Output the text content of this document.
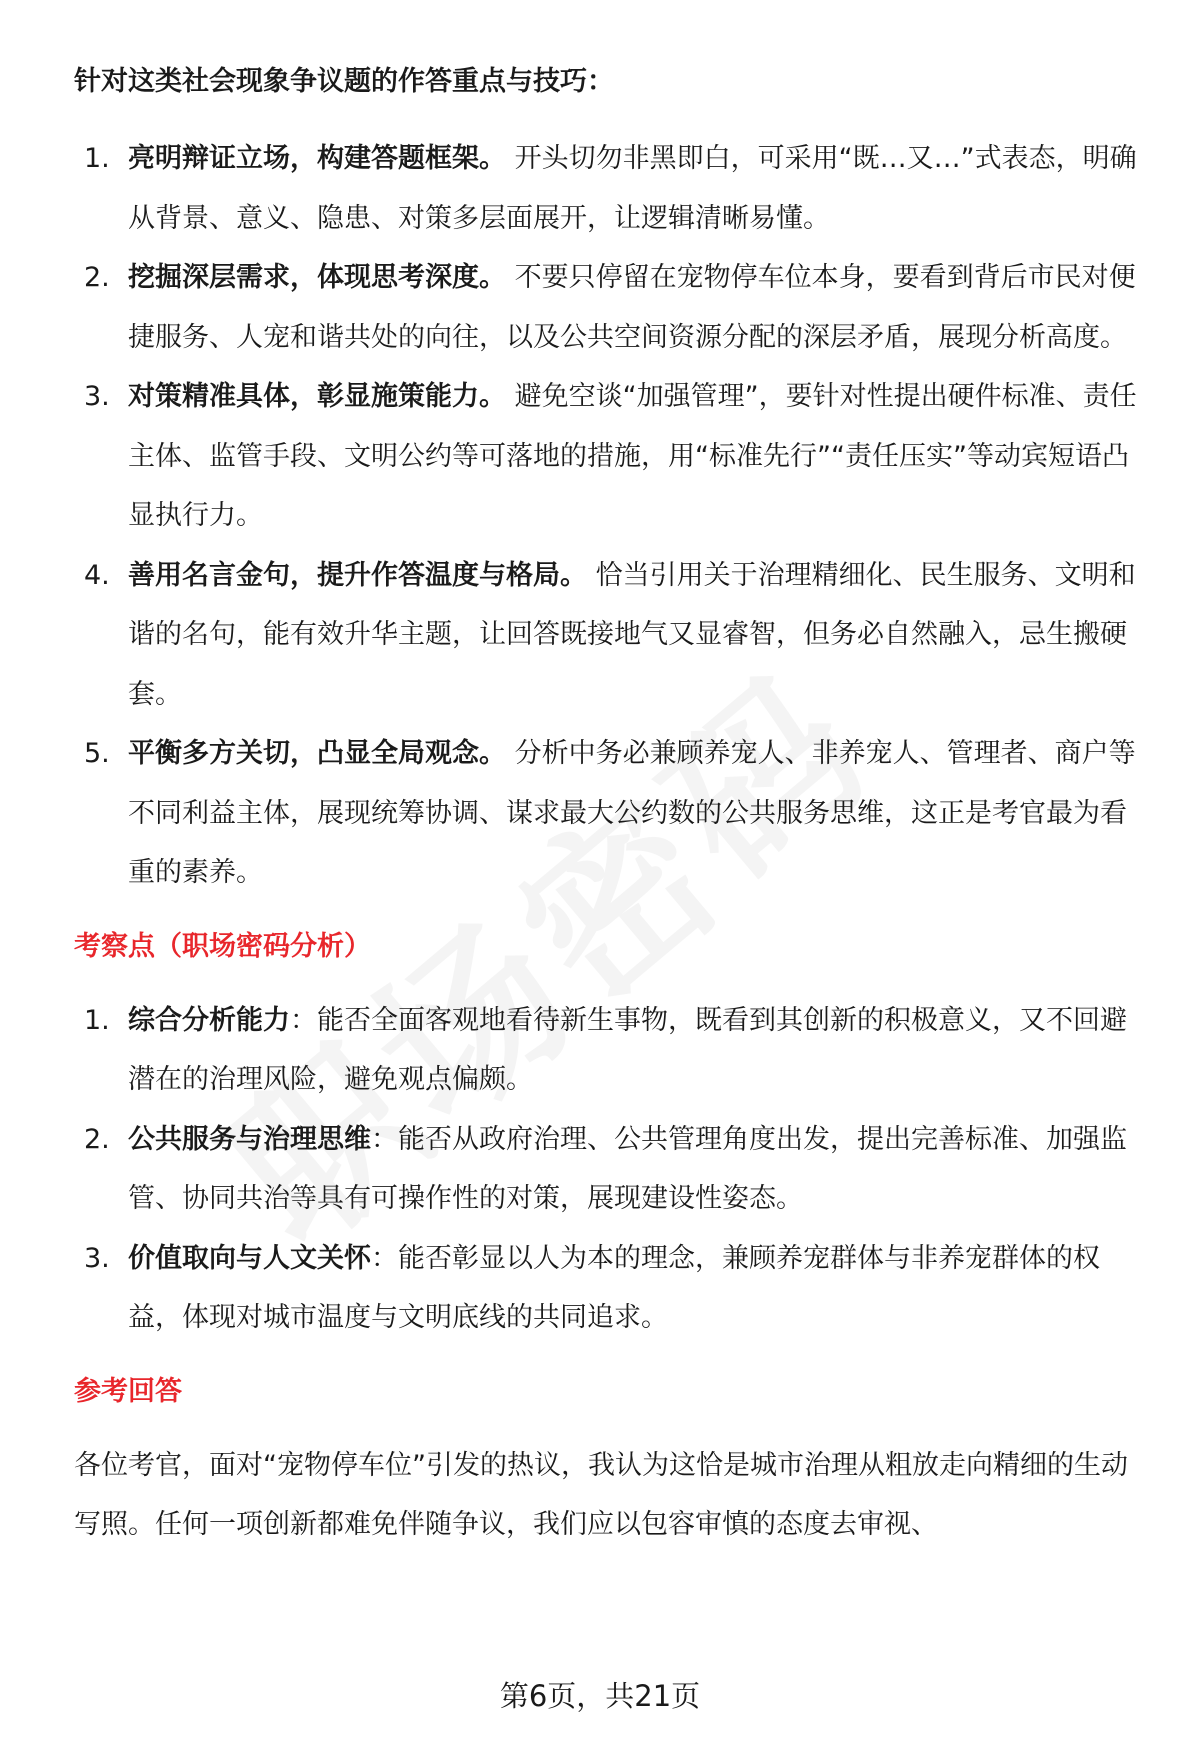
针对这类社会现象争议题的作答重点与技巧：

1. 亮明辩证立场，构建答题框架。 开头切勿非黑即白，可采用“既…又…”式表态，明确从背景、意义、隐患、对策多层面展开，让逻辑清晰易懂。
2. 挖掘深层需求，体现思考深度。 不要只停留在宠物停车位本身，要看到背后市民对便捷服务、人宠和谐共处的向往，以及公共空间资源分配的深层矛盾，展现分析高度。
3. 对策精准具体，彰显施策能力。 避免空谈“加强管理”，要针对性提出硬件标准、责任主体、监管手段、文明公约等可落地的措施，用“标准先行”“责任压实”等动宾短语凸显执行力。
4. 善用名言金句，提升作答温度与格局。 恰当引用关于治理精细化、民生服务、文明和谐的名句，能有效升华主题，让回答既接地气又显睿智，但务必自然融入，忌生搬硬套。
5. 平衡多方关切，凸显全局观念。 分析中务必兼顾养宠人、非养宠人、管理者、商户等不同利益主体，展现统筹协调、谋求最大公约数的公共服务思维，这正是考官最为看重的素养。

考察点（职场密码分析）

1. 综合分析能力：能否全面客观地看待新生事物，既看到其创新的积极意义，又不回避潜在的治理风险，避免观点偏颇。
2. 公共服务与治理思维：能否从政府治理、公共管理角度出发，提出完善标准、加强监管、协同共治等具有可操作性的对策，展现建设性姿态。
3. 价值取向与人文关怀：能否彰显以人为本的理念，兼顾养宠群体与非养宠群体的权益，体现对城市温度与文明底线的共同追求。

参考回答

各位考官，面对“宠物停车位”引发的热议，我认为这恰是城市治理从粗放走向精细的生动写照。任何一项创新都难免伴随争议，我们应以包容审慎的态度去审视、

第6页，共21页
